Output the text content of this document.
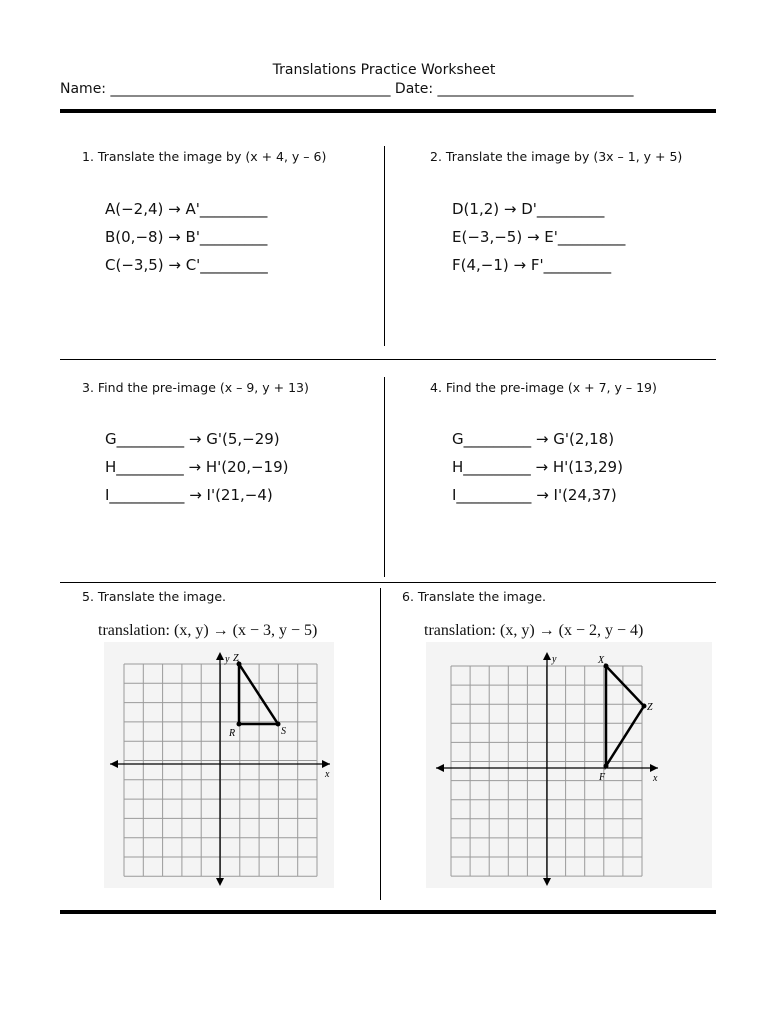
Translations Practice Worksheet
Name: ________________________________________ Date: ____________________________
1. Translate the image by (x + 4, y – 6)
A(−2,4) → A'_________
B(0,−8) → B'_________
C(−3,5) → C'_________
2. Translate the image by (3x – 1, y + 5)
D(1,2) → D'_________
E(−3,−5) → E'_________
F(4,−1) → F'_________
3. Find the pre-image (x – 9, y + 13)
G_________ → G'(5,−29)
H_________ → H'(20,−19)
I__________ → I'(21,−4)
4. Find the pre-image (x + 7, y – 19)
G_________ → G'(2,18)
H_________ → H'(13,29)
I__________ → I'(24,37)
5. Translate the image.
translation: (x, y) → (x − 3, y − 5)
6. Translate the image.
translation: (x, y) → (x − 2, y − 4)
x
y Z
R	S
x
y	X
Z
F
